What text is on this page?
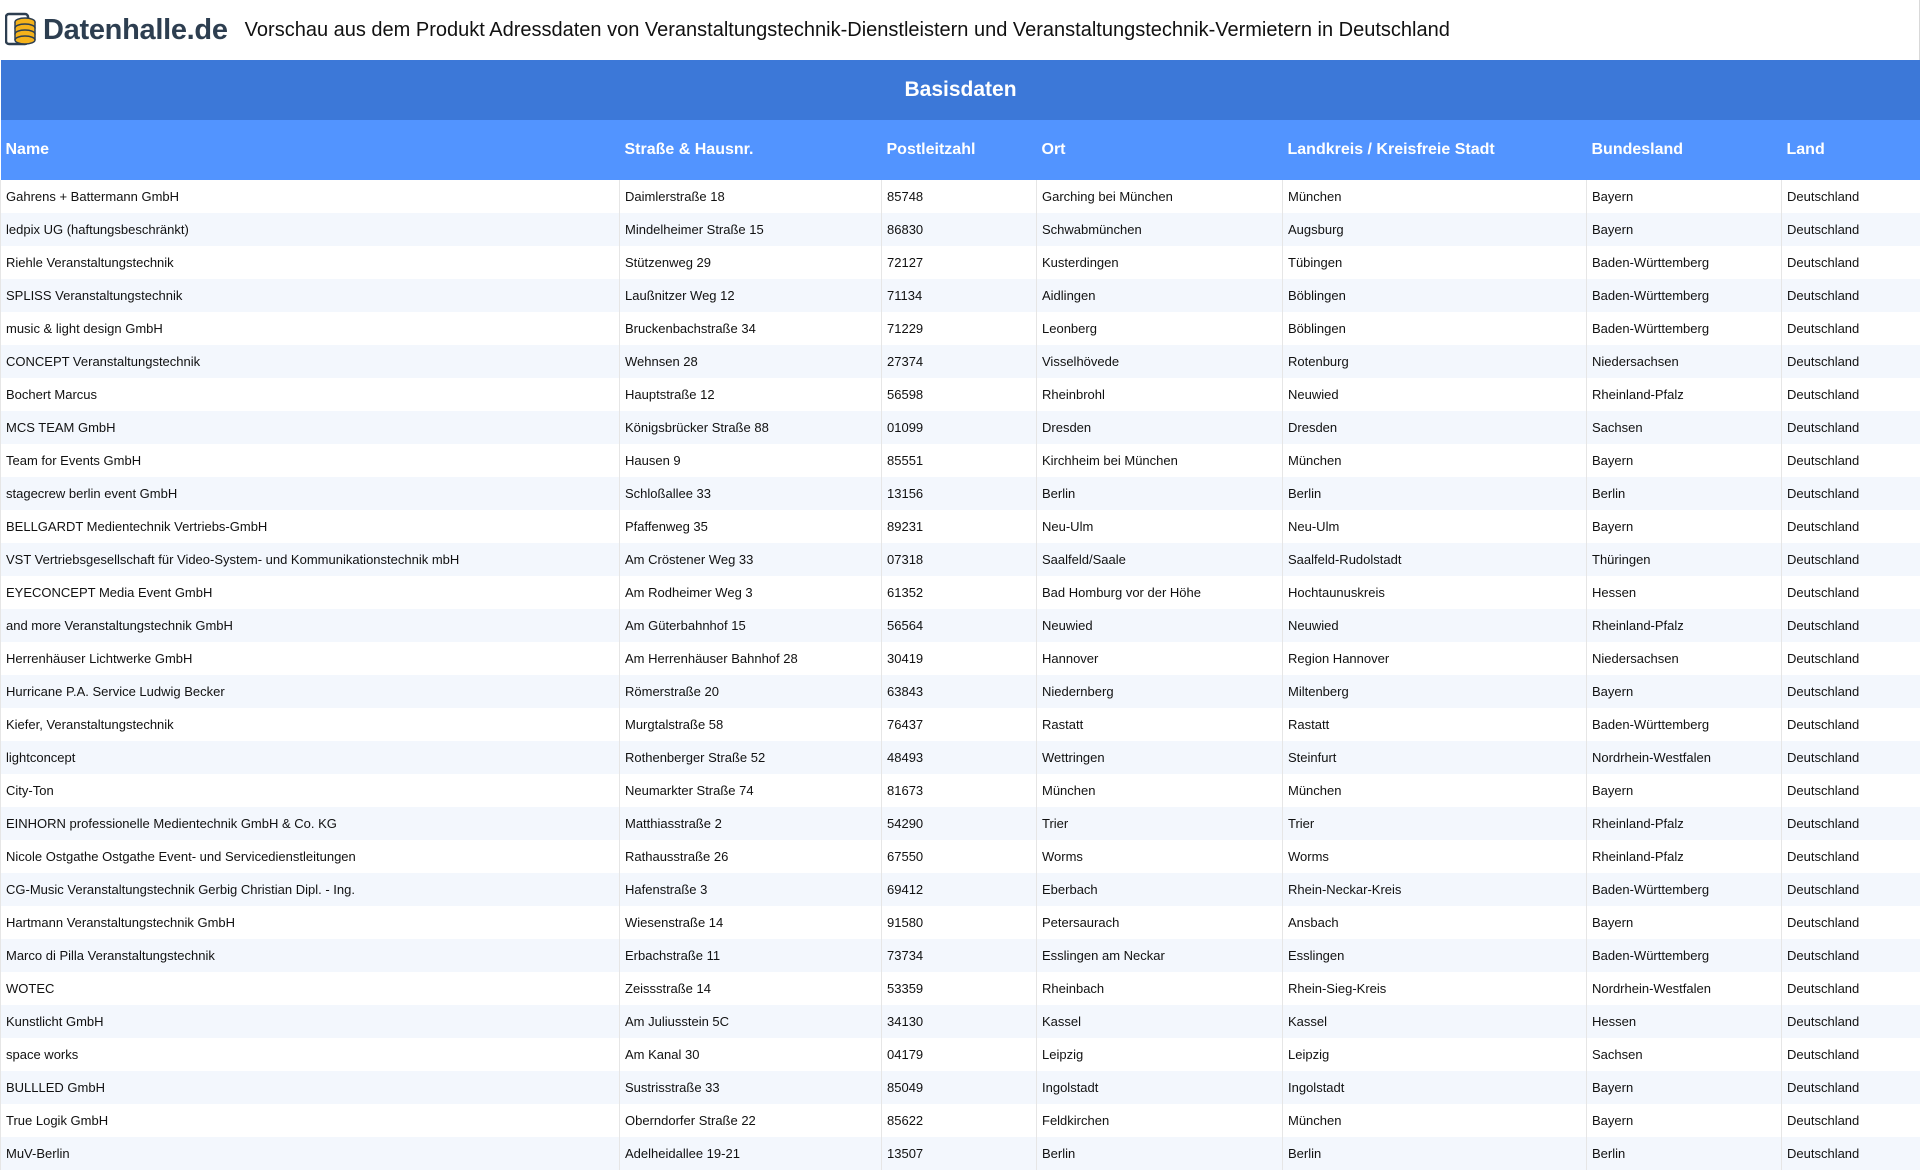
Datenhalle.de Vorschau aus dem Produkt Adressdaten von Veranstaltungstechnik-Dienstleistern und Veranstaltungstechnik-Vermietern in Deutschland
Basisdaten						
Name	Straße & Hausnr.	Postleitzahl	Ort	Landkreis / Kreisfreie Stadt	Bundesland	Land
Gahrens + Battermann GmbH	Daimlerstraße 18	85748	Garching bei München	München	Bayern	Deutschland
ledpix UG (haftungsbeschränkt)	Mindelheimer Straße 15	86830	Schwabmünchen	Augsburg	Bayern	Deutschland
Riehle Veranstaltungstechnik	Stützenweg 29	72127	Kusterdingen	Tübingen	Baden-Württemberg	Deutschland
SPLISS Veranstaltungstechnik	Laußnitzer Weg 12	71134	Aidlingen	Böblingen	Baden-Württemberg	Deutschland
music & light design GmbH	Bruckenbachstraße 34	71229	Leonberg	Böblingen	Baden-Württemberg	Deutschland
CONCEPT Veranstaltungstechnik	Wehnsen 28	27374	Visselhövede	Rotenburg	Niedersachsen	Deutschland
Bochert Marcus	Hauptstraße 12	56598	Rheinbrohl	Neuwied	Rheinland-Pfalz	Deutschland
MCS TEAM GmbH	Königsbrücker Straße 88	01099	Dresden	Dresden	Sachsen	Deutschland
Team for Events GmbH	Hausen 9	85551	Kirchheim bei München	München	Bayern	Deutschland
stagecrew berlin event GmbH	Schloßallee 33	13156	Berlin	Berlin	Berlin	Deutschland
BELLGARDT Medientechnik Vertriebs-GmbH	Pfaffenweg 35	89231	Neu-Ulm	Neu-Ulm	Bayern	Deutschland
VST Vertriebsgesellschaft für Video-System- und Kommunikationstechnik mbH	Am Cröstener Weg 33	07318	Saalfeld/Saale	Saalfeld-Rudolstadt	Thüringen	Deutschland
EYECONCEPT Media Event GmbH	Am Rodheimer Weg 3	61352	Bad Homburg vor der Höhe	Hochtaunuskreis	Hessen	Deutschland
and more Veranstaltungstechnik GmbH	Am Güterbahnhof 15	56564	Neuwied	Neuwied	Rheinland-Pfalz	Deutschland
Herrenhäuser Lichtwerke GmbH	Am Herrenhäuser Bahnhof 28	30419	Hannover	Region Hannover	Niedersachsen	Deutschland
Hurricane P.A. Service Ludwig Becker	Römerstraße 20	63843	Niedernberg	Miltenberg	Bayern	Deutschland
Kiefer, Veranstaltungstechnik	Murgtalstraße 58	76437	Rastatt	Rastatt	Baden-Württemberg	Deutschland
lightconcept	Rothenberger Straße 52	48493	Wettringen	Steinfurt	Nordrhein-Westfalen	Deutschland
City-Ton	Neumarkter Straße 74	81673	München	München	Bayern	Deutschland
EINHORN professionelle Medientechnik GmbH & Co. KG	Matthiasstraße 2	54290	Trier	Trier	Rheinland-Pfalz	Deutschland
Nicole Ostgathe Ostgathe Event- und Servicedienstleitungen	Rathausstraße 26	67550	Worms	Worms	Rheinland-Pfalz	Deutschland
CG-Music Veranstaltungstechnik Gerbig Christian Dipl. - Ing.	Hafenstraße 3	69412	Eberbach	Rhein-Neckar-Kreis	Baden-Württemberg	Deutschland
Hartmann Veranstaltungstechnik GmbH	Wiesenstraße 14	91580	Petersaurach	Ansbach	Bayern	Deutschland
Marco di Pilla Veranstaltungstechnik	Erbachstraße 11	73734	Esslingen am Neckar	Esslingen	Baden-Württemberg	Deutschland
WOTEC	Zeissstraße 14	53359	Rheinbach	Rhein-Sieg-Kreis	Nordrhein-Westfalen	Deutschland
Kunstlicht GmbH	Am Juliusstein 5C	34130	Kassel	Kassel	Hessen	Deutschland
space works	Am Kanal 30	04179	Leipzig	Leipzig	Sachsen	Deutschland
BULLLED GmbH	Sustrisstraße 33	85049	Ingolstadt	Ingolstadt	Bayern	Deutschland
True Logik GmbH	Oberndorfer Straße 22	85622	Feldkirchen	München	Bayern	Deutschland
MuV-Berlin	Adelheidallee 19-21	13507	Berlin	Berlin	Berlin	Deutschland
